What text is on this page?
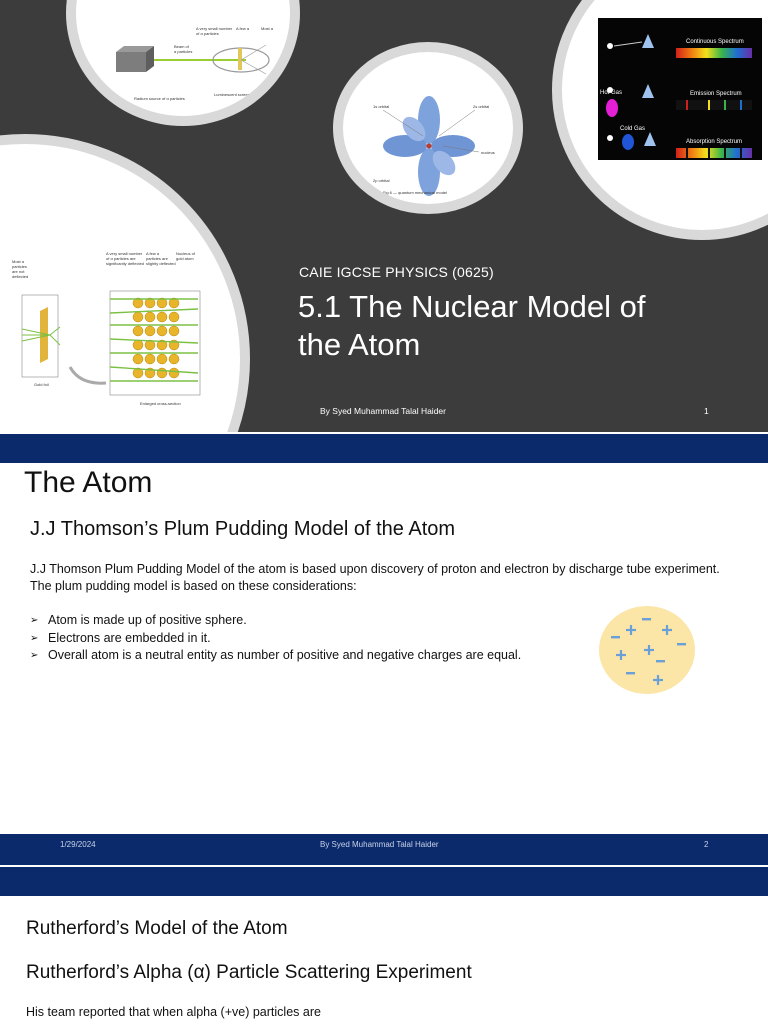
A very small number
of α particles
A few α	Most α
Beam of
α particles
Radium source of α particles
Luminescent screen Thin gold foil
1s orbital	2s orbital
nucleus
2p orbital
Fig 6 — quantum mechanical model
Continuous Spectrum
Hot Gas	Emission Spectrum
Cold Gas
Absorption Spectrum
Most α
particles
are not
deflected
A very small number
of α particles are
significantly deflected
A few α
particles are
slightly deflected
Nucleus of
gold atom
Gold foil
Enlarged cross-section
CAIE IGCSE PHYSICS (0625)
5.1 The Nuclear Model of the Atom
By Syed Muhammad Talal Haider	1
The Atom
J.J Thomson’s Plum Pudding Model of the Atom
J.J Thomson Plum Pudding Model of the atom is based upon discovery of proton and electron by discharge tube experiment. The plum pudding model is based on these considerations:
➢ Atom is made up of positive sphere.
➢ Electrons are embedded in it.
➢ Overall atom is a neutral entity as number of positive and negative charges are equal.
1/29/2024	By Syed Muhammad Talal Haider	2
Rutherford’s Model of the Atom
Rutherford’s Alpha (α) Particle Scattering Experiment
His team reported that when alpha (+ve) particles are
